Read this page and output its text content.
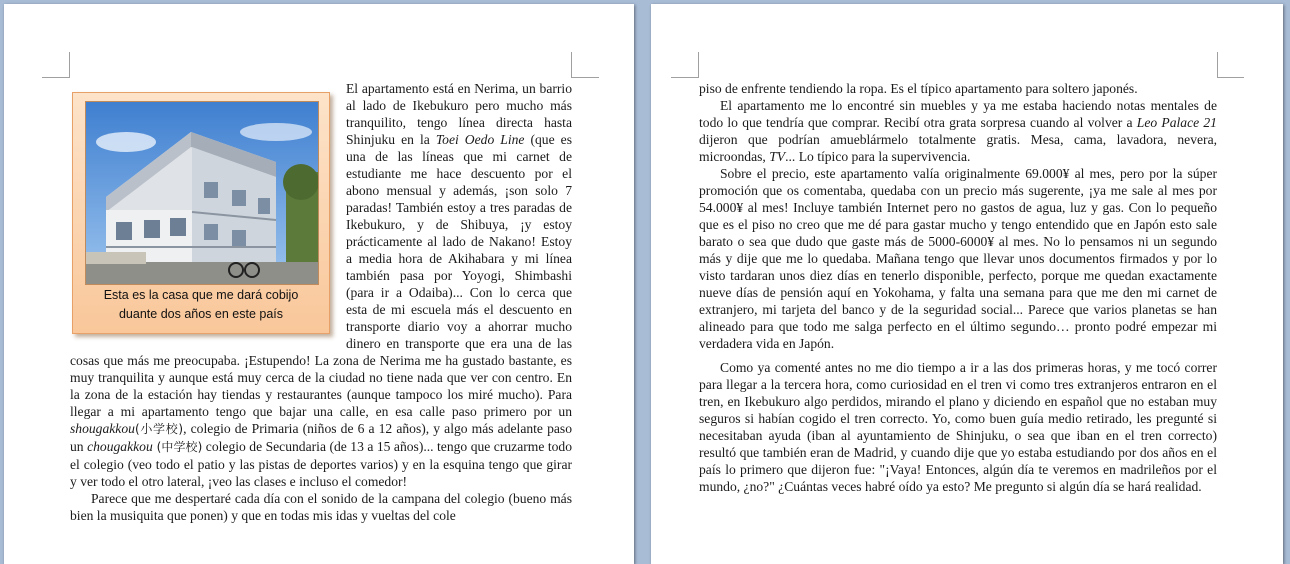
Esta es la casa que me dará cobijo
duante dos años en este país

El apartamento está en Nerima, un barrio al lado de Ikebukuro pero mucho más tranquilito, tengo línea directa hasta Shinjuku en la Toei Oedo Line (que es una de las líneas que mi carnet de estudiante me hace descuento por el abono mensual y además, ¡son solo 7 paradas! También estoy a tres paradas de Ikebukuro, y de Shibuya, ¡y estoy prácticamente al lado de Nakano! Estoy a media hora de Akihabara y mi línea también pasa por Yoyogi, Shimbashi (para ir a Odaiba)... Con lo cerca que esta de mi escuela más el descuento en transporte diario voy a ahorrar mucho dinero en transporte que era una de las cosas que más me preocupaba. ¡Estupendo! La zona de Nerima me ha gustado bastante, es muy tranquilita y aunque está muy cerca de la ciudad no tiene nada que ver con centro. En la zona de la estación hay tiendas y restaurantes (aunque tampoco los miré mucho). Para llegar a mi apartamento tengo que bajar una calle, en esa calle paso primero por un shougakkou(小学校), colegio de Primaria (niños de 6 a 12 años), y algo más adelante paso un chougakkou (中学校) colegio de Secundaria (de 13 a 15 años)... tengo que cruzarme todo el colegio (veo todo el patio y las pistas de deportes varios) y en la esquina tengo que girar y ver todo el otro lateral, ¡veo las clases e incluso el comedor!

Parece que me despertaré cada día con el sonido de la campana del colegio (bueno más bien la musiquita que ponen) y que en todas mis idas y vueltas del cole

piso de enfrente tendiendo la ropa. Es el típico apartamento para soltero japonés.

El apartamento me lo encontré sin muebles y ya me estaba haciendo notas mentales de todo lo que tendría que comprar. Recibí otra grata sorpresa cuando al volver a Leo Palace 21 dijeron que podrían amueblármelo totalmente gratis. Mesa, cama, lavadora, nevera, microondas, TV... Lo típico para la supervivencia.

Sobre el precio, este apartamento valía originalmente 69.000¥ al mes, pero por la súper promoción que os comentaba, quedaba con un precio más sugerente, ¡ya me sale al mes por 54.000¥ al mes! Incluye también Internet pero no gastos de agua, luz y gas. Con lo pequeño que es el piso no creo que me dé para gastar mucho y tengo entendido que en Japón esto sale barato o sea que dudo que gaste más de 5000-6000¥ al mes. No lo pensamos ni un segundo más y dije que me lo quedaba. Mañana tengo que llevar unos documentos firmados y por lo visto tardaran unos diez días en tenerlo disponible, perfecto, porque me quedan exactamente nueve días de pensión aquí en Yokohama, y falta una semana para que me den mi carnet de extranjero, mi tarjeta del banco y de la seguridad social... Parece que varios planetas se han alineado para que todo me salga perfecto en el último segundo… pronto podré empezar mi verdadera vida en Japón.

Como ya comenté antes no me dio tiempo a ir a las dos primeras horas, y me tocó correr para llegar a la tercera hora, como curiosidad en el tren vi como tres extranjeros entraron en el tren, en Ikebukuro algo perdidos, mirando el plano y diciendo en español que no estaban muy seguros si habían cogido el tren correcto. Yo, como buen guía medio retirado, les pregunté si necesitaban ayuda (iban al ayuntamiento de Shinjuku, o sea que iban en el tren correcto) resultó que también eran de Madrid, y cuando dije que yo estaba estudiando por dos años en el país lo primero que dijeron fue: "¡Vaya! Entonces, algún día te veremos en madrileños por el mundo, ¿no?" ¿Cuántas veces habré oído ya esto? Me pregunto si algún día se hará realidad.
